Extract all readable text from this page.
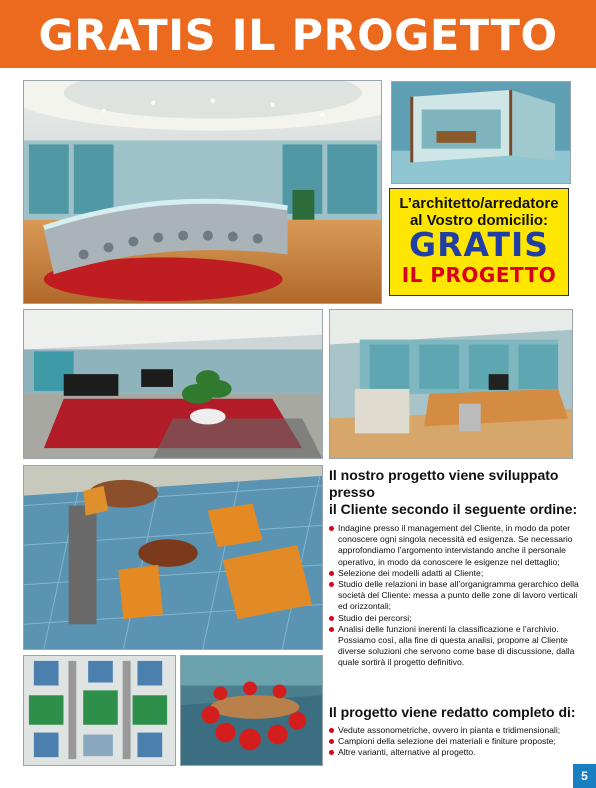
GRATIS IL PROGETTO
L’architetto/arredatore
al Vostro domicilio:
GRATIS
IL PROGETTO
Il nostro progetto viene sviluppato presso
il Cliente secondo il seguente ordine:
Indagine presso il management del Cliente, in modo da poter conoscere ogni singola necessità ed esigenza. Se necessario approfondiamo l’argomento intervistando anche il personale operativo, in modo da conoscere le esigenze nel dettaglio;
Selezione dei modelli adatti al Cliente;
Studio delle relazioni in base all’organigramma gerarchico della società del Cliente: messa a punto delle zone di lavoro verticali ed orizzontali;
Studio dei percorsi;
Analisi delle funzioni inerenti la classificazione e l’archivio.
Possiamo così, alla fine di questa analisi, proporre al Cliente diverse soluzioni che servono come base di discussione, dalla quale sortirà il progetto definitivo.
Il progetto viene redatto completo di:
Vedute assonometriche, ovvero in pianta e tridimensionali;
Campioni della selezione dei materiali e finiture proposte;
Altre varianti, alternative al progetto.
5
